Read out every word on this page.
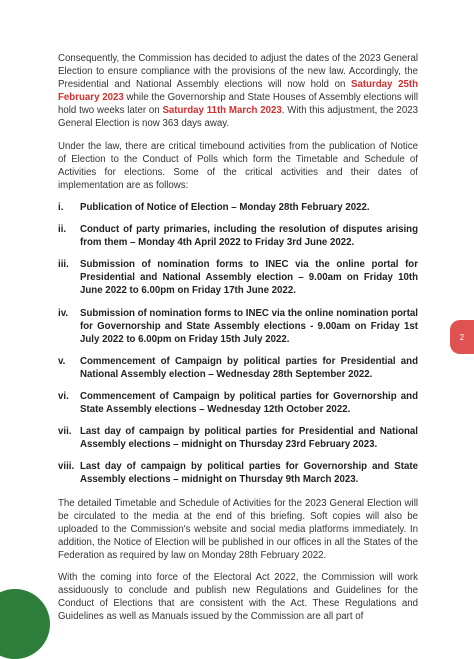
Consequently, the Commission has decided to adjust the dates of the 2023 General Election to ensure compliance with the provisions of the new law. Accordingly, the Presidential and National Assembly elections will now hold on Saturday 25th February 2023 while the Governorship and State Houses of Assembly elections will hold two weeks later on Saturday 11th March 2023. With this adjustment, the 2023 General Election is now 363 days away.

Under the law, there are critical timebound activities from the publication of Notice of Election to the Conduct of Polls which form the Timetable and Schedule of Activities for elections. Some of the critical activities and their dates of implementation are as follows:

i.	Publication of Notice of Election – Monday 28th February 2022.
ii.	Conduct of party primaries, including the resolution of disputes arising from them – Monday 4th April 2022 to Friday 3rd June 2022.
iii.	Submission of nomination forms to INEC via the online portal for Presidential and National Assembly election – 9.00am on Friday 10th June 2022 to 6.00pm on Friday 17th June 2022.
iv.	Submission of nomination forms to INEC via the online nomination portal for Governorship and State Assembly elections - 9.00am on Friday 1st July 2022 to 6.00pm on Friday 15th July 2022.
v.	Commencement of Campaign by political parties for Presidential and National Assembly election – Wednesday 28th September 2022.
vi.	Commencement of Campaign by political parties for Governorship and State Assembly elections – Wednesday 12th October 2022.
vii. Last day of campaign by political parties for Presidential and National Assembly elections – midnight on Thursday 23rd February 2023.
viii. Last day of campaign by political parties for Governorship and State Assembly elections – midnight on Thursday 9th March 2023.

The detailed Timetable and Schedule of Activities for the 2023 General Election will be circulated to the media at the end of this briefing. Soft copies will also be uploaded to the Commission's website and social media platforms immediately. In addition, the Notice of Election will be published in our offices in all the States of the Federation as required by law on Monday 28th February 2022.

With the coming into force of the Electoral Act 2022, the Commission will work assiduously to conclude and publish new Regulations and Guidelines for the Conduct of Elections that are consistent with the Act. These Regulations and Guidelines as well as Manuals issued by the Commission are all part of

2
